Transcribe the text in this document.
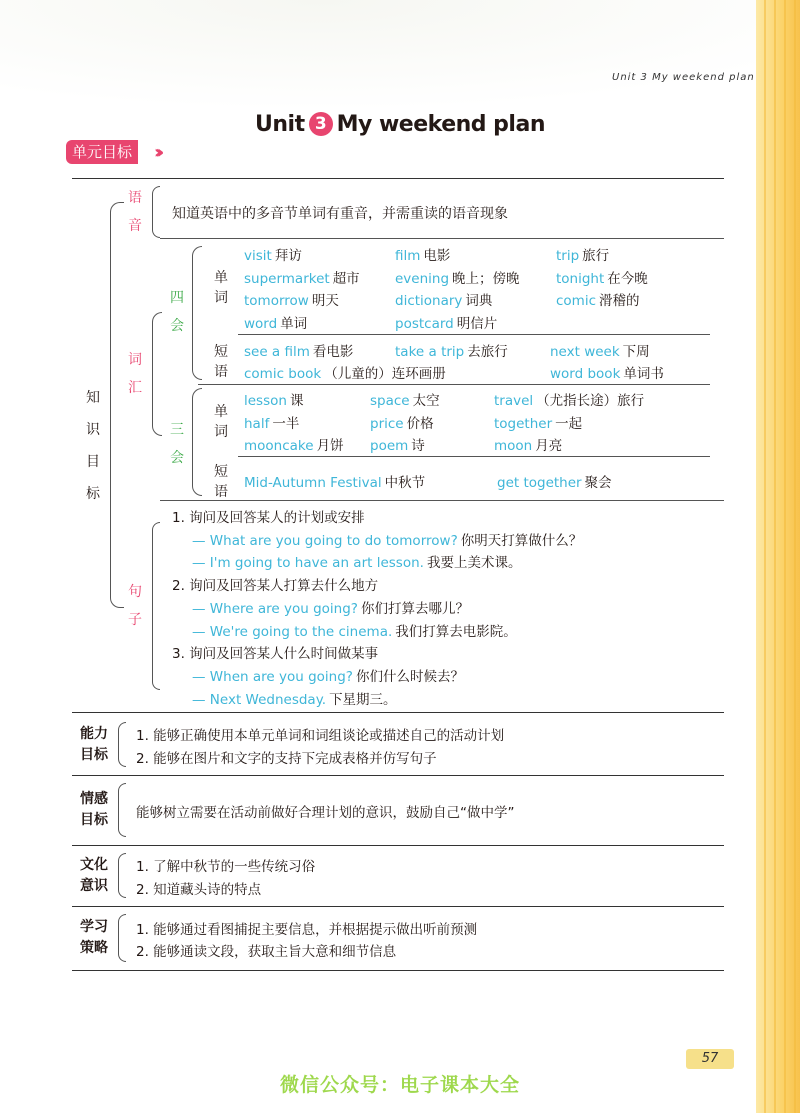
Unit 3 My weekend plan
Unit 3 My weekend plan
单元目标	›››
知识目标
语音
知道英语中的多音节单词有重音，并需重读的语音现象
词汇
四会
单词
短语
visit 拜访	film 电影	trip 旅行
supermarket 超市	evening 晚上；傍晚	tonight 在今晚
tomorrow 明天	dictionary 词典	comic 滑稽的
word 单词	postcard 明信片
see a film 看电影	take a trip 去旅行	next week 下周
comic book （儿童的）连环画册	word book 单词书
三会
单词
短语
lesson 课	space 太空	travel （尤指长途）旅行
half 一半	price 价格	together 一起
mooncake 月饼 poem 诗	moon 月亮
Mid-Autumn Festival 中秋节	get together 聚会
句子
1. 询问及回答某人的计划或安排
— What are you going to do tomorrow? 你明天打算做什么？
— I'm going to have an art lesson. 我要上美术课。
2. 询问及回答某人打算去什么地方
— Where are you going? 你们打算去哪儿？
— We're going to the cinema. 我们打算去电影院。
3. 询问及回答某人什么时间做某事
— When are you going? 你们什么时候去？
— Next Wednesday. 下星期三。
能力
目标
1. 能够正确使用本单元单词和词组谈论或描述自己的活动计划
2. 能够在图片和文字的支持下完成表格并仿写句子
情感
目标 能够树立需要在活动前做好合理计划的意识，鼓励自己“做中学”
文化
意识
1. 了解中秋节的一些传统习俗
2. 知道藏头诗的特点
学习
策略
1. 能够通过看图捕捉主要信息，并根据提示做出听前预测
2. 能够通读文段，获取主旨大意和细节信息
57
微信公众号：电子课本大全
